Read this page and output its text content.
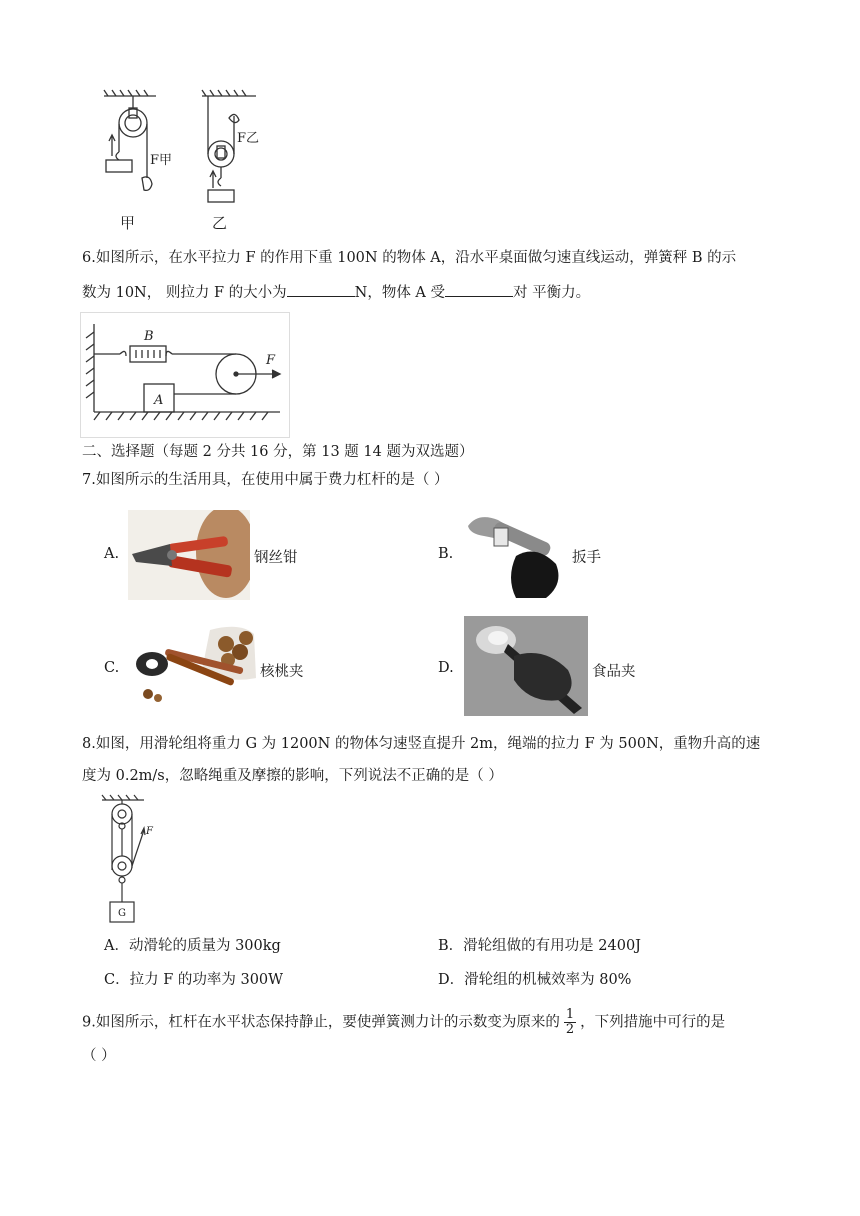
F甲
甲
F乙
乙
6.如图所示，在水平拉力 F 的作用下重 100N 的物体 A，沿水平桌面做匀速直线运动，弹簧秤 B 的示
数为 10N， 则拉力 F 的大小为	N，物体 A 受	对 平衡力。
B
A
F
二、选择题（每题 2 分共 16 分，第 13 题 14 题为双选题）
7.如图所示的生活用具，在使用中属于费力杠杆的是（ ）
A.	钢丝钳	B.	扳手
C.	核桃夹	D.	食品夹
8.如图，用滑轮组将重力 G 为 1200N 的物体匀速竖直提升 2m，绳端的拉力 F 为 500N，重物升高的速
度为 0.2m/s，忽略绳重及摩擦的影响，下列说法不正确的是（ ）
F
G
A．动滑轮的质量为 300kg	B．滑轮组做的有用功是 2400J
C．拉力 F 的功率为 300W	D．滑轮组的机械效率为 80%
9.如图所示，杠杆在水平状态保持静止，要使弹簧测力计的示数变为原来的 $\frac{1}{2}$ ，下列措施中可行的是
（ ）
